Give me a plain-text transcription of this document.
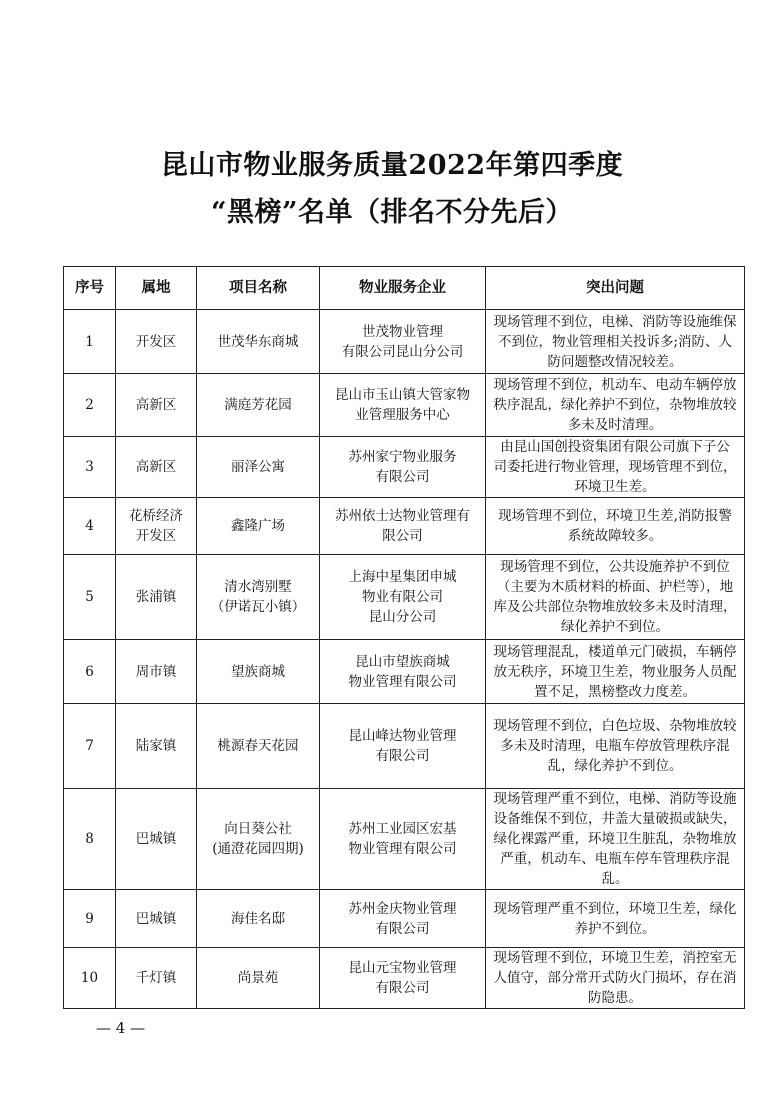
昆山市物业服务质量2022年第四季度
“黑榜”名单（排名不分先后）
序号	属地	项目名称	物业服务企业	突出问题
1	开发区	世茂华东商城	世茂物业管理
有限公司昆山分公司	现场管理不到位，电梯、消防等设施维保
不到位，物业管理相关投诉多;消防、人
防问题整改情况较差。

2	高新区	满庭芳花园	昆山市玉山镇大管家物
业管理服务中心	现场管理不到位，机动车、电动车辆停放
秩序混乱，绿化养护不到位，杂物堆放较
多未及时清理。

3	高新区	丽泽公寓	苏州家宁物业服务
有限公司	由昆山国创投资集团有限公司旗下子公
司委托进行物业管理，现场管理不到位，
环境卫生差。

4	花桥经济
开发区	鑫隆广场	苏州依士达物业管理有
限公司	现场管理不到位，环境卫生差,消防报警
系统故障较多。

5	张浦镇	清水湾别墅
（伊诺瓦小镇）	上海中星集团申城
物业有限公司
昆山分公司	现场管理不到位，公共设施养护不到位
（主要为木质材料的桥面、护栏等），地
库及公共部位杂物堆放较多未及时清理，
绿化养护不到位。

6	周市镇	望族商城	昆山市望族商城
物业管理有限公司	现场管理混乱，楼道单元门破损，车辆停
放无秩序，环境卫生差，物业服务人员配
置不足，黑榜整改力度差。

7	陆家镇	桃源春天花园	昆山峰达物业管理
有限公司	现场管理不到位，白色垃圾、杂物堆放较
多未及时清理，电瓶车停放管理秩序混
乱，绿化养护不到位。

8	巴城镇	向日葵公社
(通澄花园四期)	苏州工业园区宏基
物业管理有限公司	现场管理严重不到位，电梯、消防等设施
设备维保不到位，井盖大量破损或缺失，
绿化裸露严重，环境卫生脏乱，杂物堆放
严重，机动车、电瓶车停车管理秩序混乱。

9	巴城镇	海佳名邸	苏州金庆物业管理
有限公司	现场管理严重不到位，环境卫生差，绿化
养护不到位。

10	千灯镇	尚景苑	昆山元宝物业管理
有限公司	现场管理不到位，环境卫生差，消控室无
人值守，部分常开式防火门损坏，存在消
防隐患。
— 4 —
